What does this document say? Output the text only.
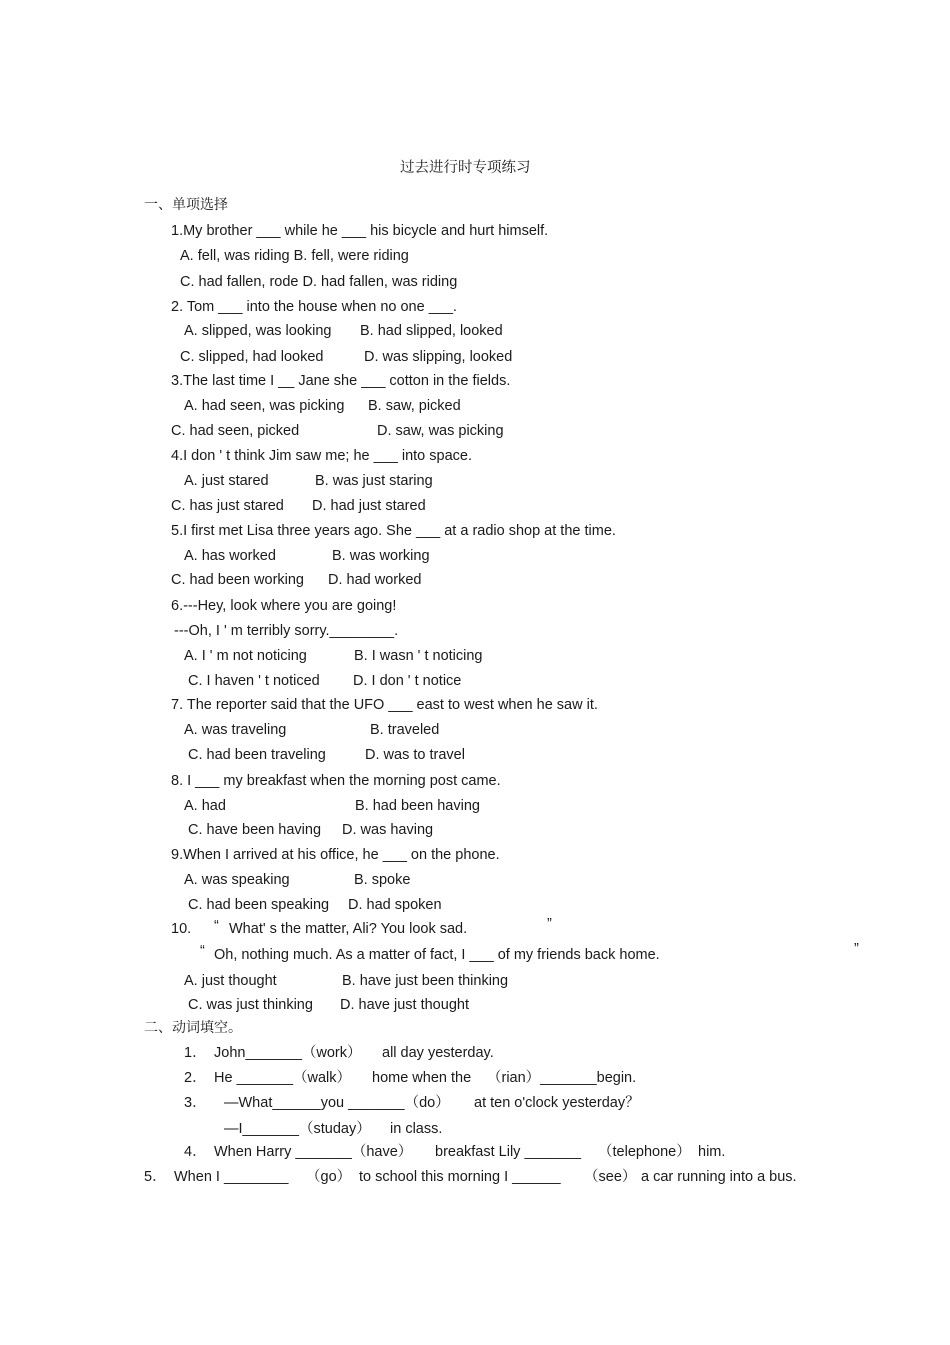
过去进行时专项练习
一、单项选择
1.My brother ___ while he ___ his bicycle and hurt himself.
A. fell, was riding B. fell, were riding
C. had fallen, rode D. had fallen, was riding
2. Tom ___ into the house when no one ___.
A. slipped, was looking B. had slipped, looked
C. slipped, had looked	D. was slipping, looked
3.The last time I __ Jane she ___ cotton in the fields.
A. had seen, was picking B. saw, picked
C. had seen, picked	D. saw, was picking
4.I don ' t think Jim saw me; he ___ into space.
A. just stared	B. was just staring
C. has just stared D. had just stared
5.I first met Lisa three years ago. She ___ at a radio shop at the time.
A. has worked	B. was working
C. had been working D. had worked
6.---Hey, look where you are going!
---Oh, I ' m terribly sorry.________.
A. I ' m not noticing	B. I wasn ' t noticing
C. I haven ' t noticed D. I don ' t notice
7. The reporter said that the UFO ___ east to west when he saw it.
A. was traveling	B. traveled
C. had been traveling	D. was to travel
8. I ___ my breakfast when the morning post came.
A. had	B. had been having
C. have been having D. was having
9.When I arrived at his office, he ___ on the phone.
A. was speaking	B. spoke
C. had been speaking D. had spoken
10. “ What' s the matter, Ali? You look sad.	”
“ Oh, nothing much. As a matter of fact, I ___ of my friends back home.	”
A. just thought	B. have just been thinking
C. was just thinking D. have just thought
二、动词填空。
1． John_______（work） all day yesterday.
2． He _______（walk） home when the （rian）_______begin.
3． —What______you _______（do） at ten o'clock yesterday？
—I_______（studay） in class.
4． When Harry _______（have） breakfast Lily _______ （telephone） him.
5． When I ________ （go） to school this morning I ______ （see） a car running into a bus.
